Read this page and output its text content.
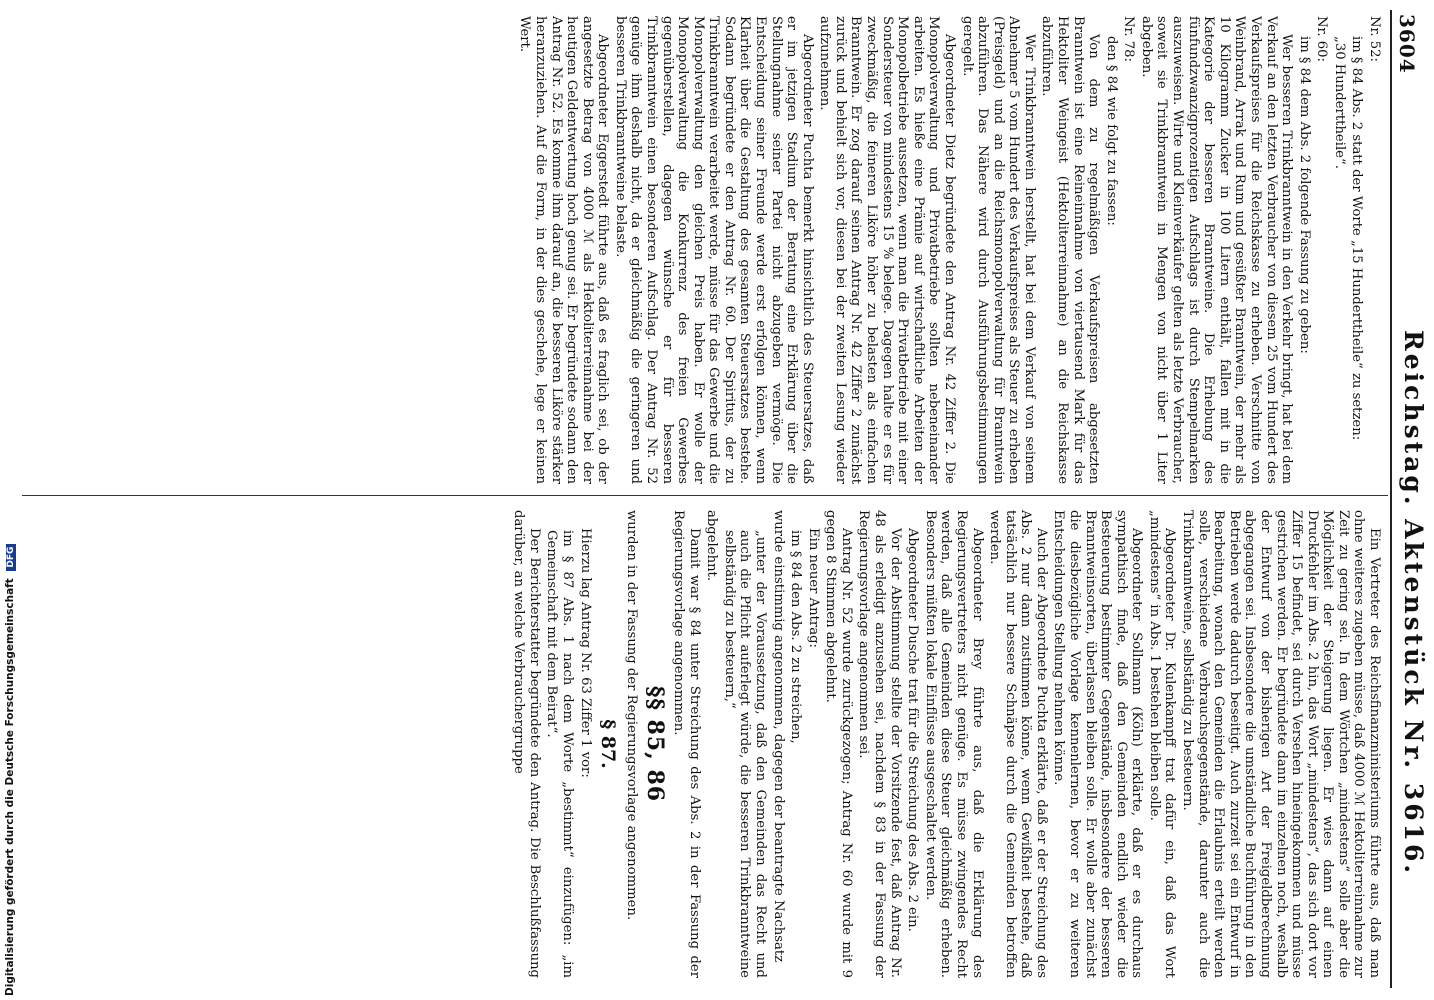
3604
Reichstag. Aktenstück Nr. 3616.

Nr. 52:

im § 84 Abs. 2 statt der Worte „15 Hunderttheile“ zu setzen:

„30 Hunderttheile“.

Nr. 60:

im § 84 dem Abs. 2 folgende Fassung zu geben:

Wer besseren Trinkbranntwein in den Verkehr bringt, hat bei dem Verkauf an den letzten Verbraucher von diesem 25 vom Hundert des Verkaufspreises für die Reichskasse zu erheben. Verschnitte von Weinbrand, Arrak und Rum und gesüßter Branntwein, der mehr als 10 Kilogramm Zucker in 100 Litern enthält, fallen mit in die Kategorie der besseren Branntweine. Die Erhebung des fünfundzwanzigprozentigen Aufschlags ist durch Stempelmarken auszuweisen. Wirte und Kleinverkäufer gelten als letzte Verbraucher, soweit sie Trinkbranntwein in Mengen von nicht über 1 Liter abgeben.

Nr. 78:

den § 84 wie folgt zu fassen:

Von dem zu regelmäßigen Verkaufspreisen abgesetzten Branntwein ist eine Reineinnahme von viertausend Mark für das Hektoliter Weingeist (Hektoliterreinnahme) an die Reichskasse abzuführen.

Wer Trinkbranntwein herstellt, hat bei dem Verkauf von seinem Abnehmer 5 vom Hundert des Verkaufspreises als Steuer zu erheben (Preisgeld) und an die Reichsmonopolverwaltung für Branntwein abzuführen. Das Nähere wird durch Ausführungsbestimmungen geregelt.

Abgeordneter Dietz begründete den Antrag Nr. 42 Ziffer 2. Die Monopolverwaltung und Privatbetriebe sollten nebeneinander arbeiten. Es hieße eine Prämie auf wirtschaftliche Arbeiten der Monopolbetriebe aussetzen, wenn man die Privatbetriebe mit einer Sondersteuer von mindestens 15 % belege. Dagegen halte er es für zweckmäßig, die feineren Liköre höher zu belasten als einfachen Branntwein. Er zog darauf seinen Antrag Nr. 42 Ziffer 2 zunächst zurück und behielt sich vor, diesen bei der zweiten Lesung wieder aufzunehmen.

Abgeordneter Puchta bemerkt hinsichtlich des Steuersatzes, daß er im jetzigen Stadium der Beratung eine Erklärung über die Stellungnahme seiner Partei nicht abzugeben vermöge. Die Entscheidung seiner Freunde werde erst erfolgen können, wenn Klarheit über die Gestaltung des gesamten Steuersatzes bestehe. Sodann begründete er den Antrag Nr. 60. Der Spiritus, der zu Trinkbranntwein verarbeitet werde, müsse für das Gewerbe und die Monopolverwaltung den gleichen Preis haben. Er wolle der Monopolverwaltung die Konkurrenz des freien Gewerbes gegenüberstellen, dagegen wünsche er für besseren Trinkbranntwein einen besonderen Aufschlag. Der Antrag Nr. 52 genüge ihm deshalb nicht, da er gleichmäßig die geringeren und besseren Trinkbranntweine belaste.

Abgeordneter Eggerstedt führte aus, daß es fraglich sei, ob der angesetzte Betrag von 4000 ℳ als Hektoliterreinnahme bei der heutigen Geldentwertung hoch genug sei. Er begründete sodann den Antrag Nr. 52. Es komme ihm darauf an, die besseren Liköre stärker heranzuziehen. Auf die Form, in der dies geschehe, lege er keinen Wert.

Ein Vertreter des Reichsfinanzministeriums führte aus, daß man ohne weiteres zugeben müsse, daß 4000 ℳ Hektoliterreinnahme zur Zeit zu gering sei. In dem Wörtchen „mindestens“ solle aber die Möglichkeit der Steigerung liegen. Er wies dann auf einen Druckfehler im Abs. 2 hin, das Wort „mindestens“, das sich dort vor Ziffer 15 befindet, sei durch Versehen hineingekommen und müsse gestrichen werden. Er begründete dann im einzelnen noch, weshalb der Entwurf von der bisherigen Art der Freigeldberechnung abgegangen sei. Insbesondere die umständliche Buchführung in den Betrieben werde dadurch beseitigt. Auch zurzeit sei ein Entwurf in Bearbeitung, wonach den Gemeinden die Erlaubnis erteilt werden solle, verschiedene Verbrauchsgegenstände, darunter auch die Trinkbranntweine, selbständig zu besteuern.

Abgeordneter Dr. Kulenkampff trat dafür ein, daß das Wort „mindestens“ in Abs. 1 bestehen bleiben solle.

Abgeordneter Sollmann (Köln) erklärte, daß er es durchaus sympathisch finde, daß den Gemeinden endlich wieder die Besteuerung bestimmter Gegenstände, insbesondere der besseren Branntweinsorten, überlassen bleiben solle. Er wolle aber zunächst die diesbezügliche Vorlage kennenlernen, bevor er zu weiteren Entscheidungen Stellung nehmen könne.

Auch der Abgeordnete Puchta erklärte, daß er der Streichung des Abs. 2 nur dann zustimmen könne, wenn Gewißheit bestehe, daß tatsächlich nur bessere Schnäpse durch die Gemeinden betroffen werden.

Abgeordneter Brey führte aus, daß die Erklärung des Regierungsvertreters nicht genüge. Es müsse zwingendes Recht werden, daß alle Gemeinden diese Steuer gleichmäßig erheben. Besonders müßten lokale Einflüsse ausgeschaltet werden.

Abgeordneter Dusche trat für die Streichung des Abs. 2 ein.

Vor der Abstimmung stellte der Vorsitzende fest, daß Antrag Nr. 48 als erledigt anzusehen sei, nachdem § 83 in der Fassung der Regierungsvorlage angenommen sei.

Antrag Nr. 52 wurde zurückgezogen; Antrag Nr. 60 wurde mit 9 gegen 8 Stimmen abgelehnt.

Ein neuer Antrag:

im § 84 den Abs. 2 zu streichen,

wurde einstimmig angenommen, dagegen der beantragte Nachsatz

„unter der Voraussetzung, daß den Gemeinden das Recht und auch die Pflicht auferlegt würde, die besseren Trinkbranntweine selbständig zu besteuern,“

abgelehnt.

Damit war § 84 unter Streichung des Abs. 2 in der Fassung der Regierungsvorlage angenommen.

§§ 85, 86

wurden in der Fassung der Regierungsvorlage angenommen.

§ 87.

Hierzu lag Antrag Nr. 63 Ziffer 1 vor:

im § 87 Abs. 1 nach dem Worte „bestimmt“ einzufügen: „im Gemeinschaft mit dem Beirat“.

Der Berichterstatter begründete den Antrag. Die Beschlußfassung darüber, an welche Verbrauchergruppe

Digitalisierung gefördert durch die Deutsche Forschungsgemeinschaft DFG
